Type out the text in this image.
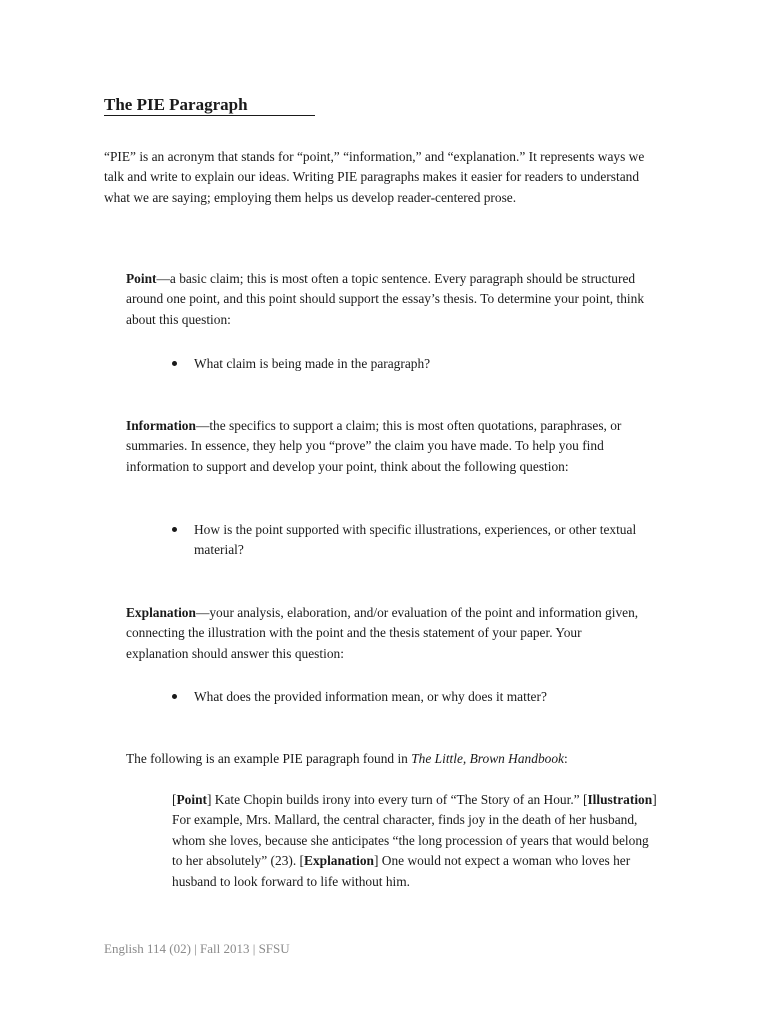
The PIE Paragraph

“PIE” is an acronym that stands for “point,” “information,” and “explanation.” It represents ways we talk and write to explain our ideas. Writing PIE paragraphs makes it easier for readers to understand what we are saying; employing them helps us develop reader-centered prose.

Point—a basic claim; this is most often a topic sentence. Every paragraph should be structured around one point, and this point should support the essay’s thesis. To determine your point, think about this question:

What claim is being made in the paragraph?

Information—the specifics to support a claim; this is most often quotations, paraphrases, or summaries. In essence, they help you “prove” the claim you have made. To help you find information to support and develop your point, think about the following question:

How is the point supported with specific illustrations, experiences, or other textual material?

Explanation—your analysis, elaboration, and/or evaluation of the point and information given, connecting the illustration with the point and the thesis statement of your paper. Your explanation should answer this question:

What does the provided information mean, or why does it matter?

The following is an example PIE paragraph found in The Little, Brown Handbook:

[Point] Kate Chopin builds irony into every turn of “The Story of an Hour.” [Illustration] For example, Mrs. Mallard, the central character, finds joy in the death of her husband, whom she loves, because she anticipates “the long procession of years that would belong to her absolutely” (23). [Explanation] One would not expect a woman who loves her husband to look forward to life without him.

English 114 (02) | Fall 2013 | SFSU
